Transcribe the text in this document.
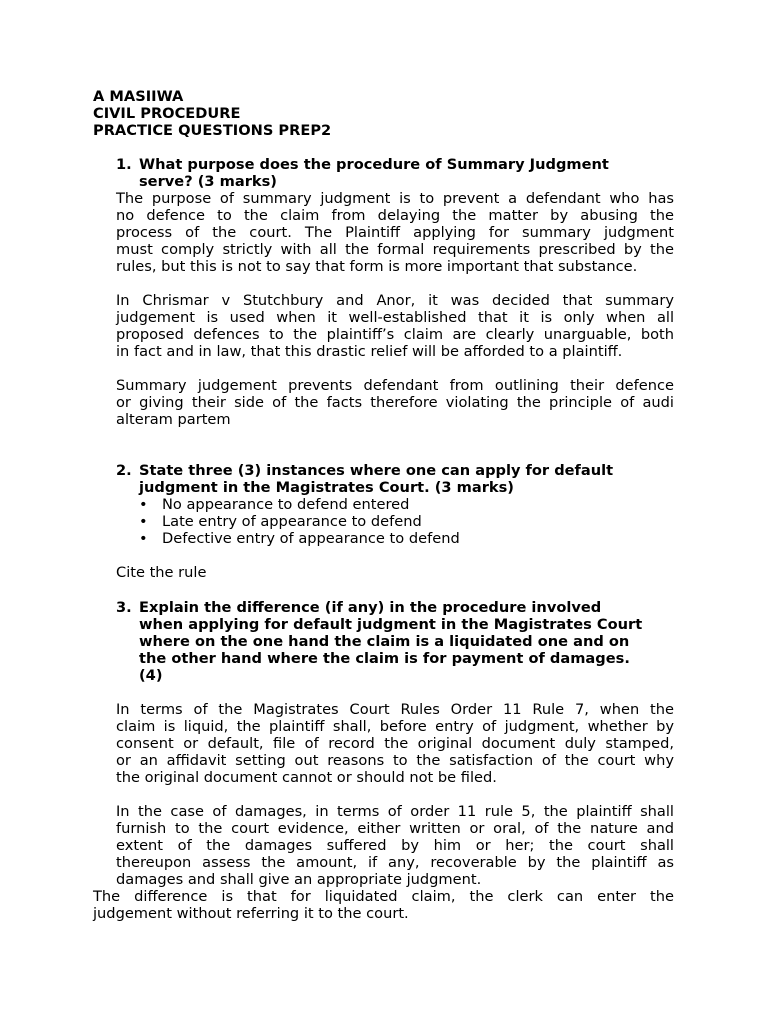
A MASIIWA
CIVIL PROCEDURE
PRACTICE QUESTIONS PREP2
1. What purpose does the procedure of Summary Judgment
serve? (3 marks)
The purpose of summary judgment is to prevent a defendant who has
no defence to the claim from delaying the matter by abusing the
process of the court. The Plaintiff applying for summary judgment
must comply strictly with all the formal requirements prescribed by the
rules, but this is not to say that form is more important that substance.
In Chrismar v Stutchbury and Anor, it was decided that summary
judgement is used when it well-established that it is only when all
proposed defences to the plaintiff’s claim are clearly unarguable, both
in fact and in law, that this drastic relief will be afforded to a plaintiff.
Summary judgement prevents defendant from outlining their defence
or giving their side of the facts therefore violating the principle of audi
alteram partem
2. State three (3) instances where one can apply for default
judgment in the Magistrates Court. (3 marks)
• No appearance to defend entered
• Late entry of appearance to defend
• Defective entry of appearance to defend
Cite the rule
3. Explain the difference (if any) in the procedure involved
when applying for default judgment in the Magistrates Court
where on the one hand the claim is a liquidated one and on
the other hand where the claim is for payment of damages.
(4)
In terms of the Magistrates Court Rules Order 11 Rule 7, when the
claim is liquid, the plaintiff shall, before entry of judgment, whether by
consent or default, file of record the original document duly stamped,
or an affidavit setting out reasons to the satisfaction of the court why
the original document cannot or should not be filed.
In the case of damages, in terms of order 11 rule 5, the plaintiff shall
furnish to the court evidence, either written or oral, of the nature and
extent of the damages suffered by him or her; the court shall
thereupon assess the amount, if any, recoverable by the plaintiff as
damages and shall give an appropriate judgment.
The difference is that for liquidated claim, the clerk can enter the
judgement without referring it to the court.
